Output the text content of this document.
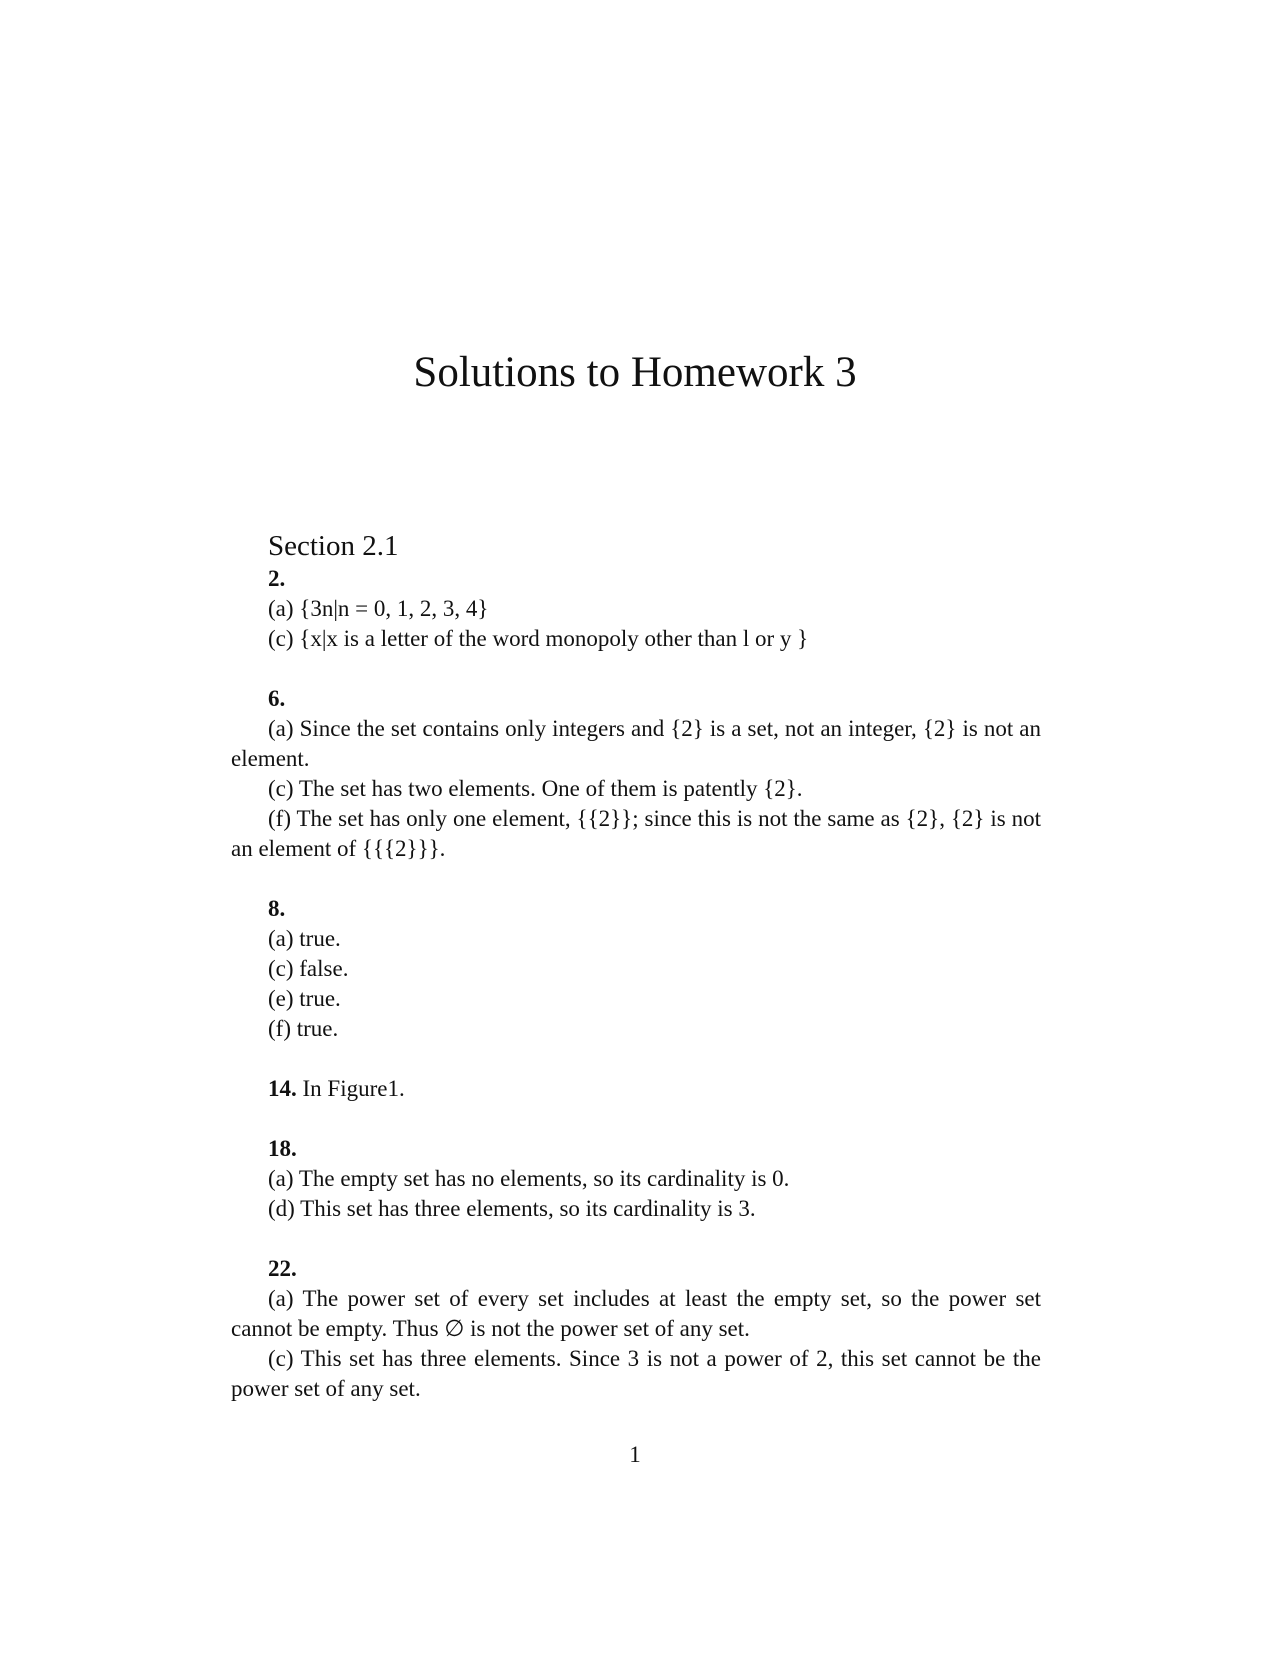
Solutions to Homework 3
Section 2.1
2.
(a) {3n|n = 0, 1, 2, 3, 4}
(c) {x|x is a letter of the word monopoly other than l or y }
6.

(a) Since the set contains only integers and {2} is a set, not an integer, {2} is not an element.

(c) The set has two elements. One of them is patently {2}.

(f) The set has only one element, {{2}}; since this is not the same as {2}, {2} is not an element of {{{2}}}.

8.
(a) true.
(c) false.
(e) true.
(f) true.
14. In Figure1.
18.
(a) The empty set has no elements, so its cardinality is 0.
(d) This set has three elements, so its cardinality is 3.
22.

(a) The power set of every set includes at least the empty set, so the power set cannot be empty. Thus ∅ is not the power set of any set.

(c) This set has three elements. Since 3 is not a power of 2, this set cannot be the power set of any set.

1
